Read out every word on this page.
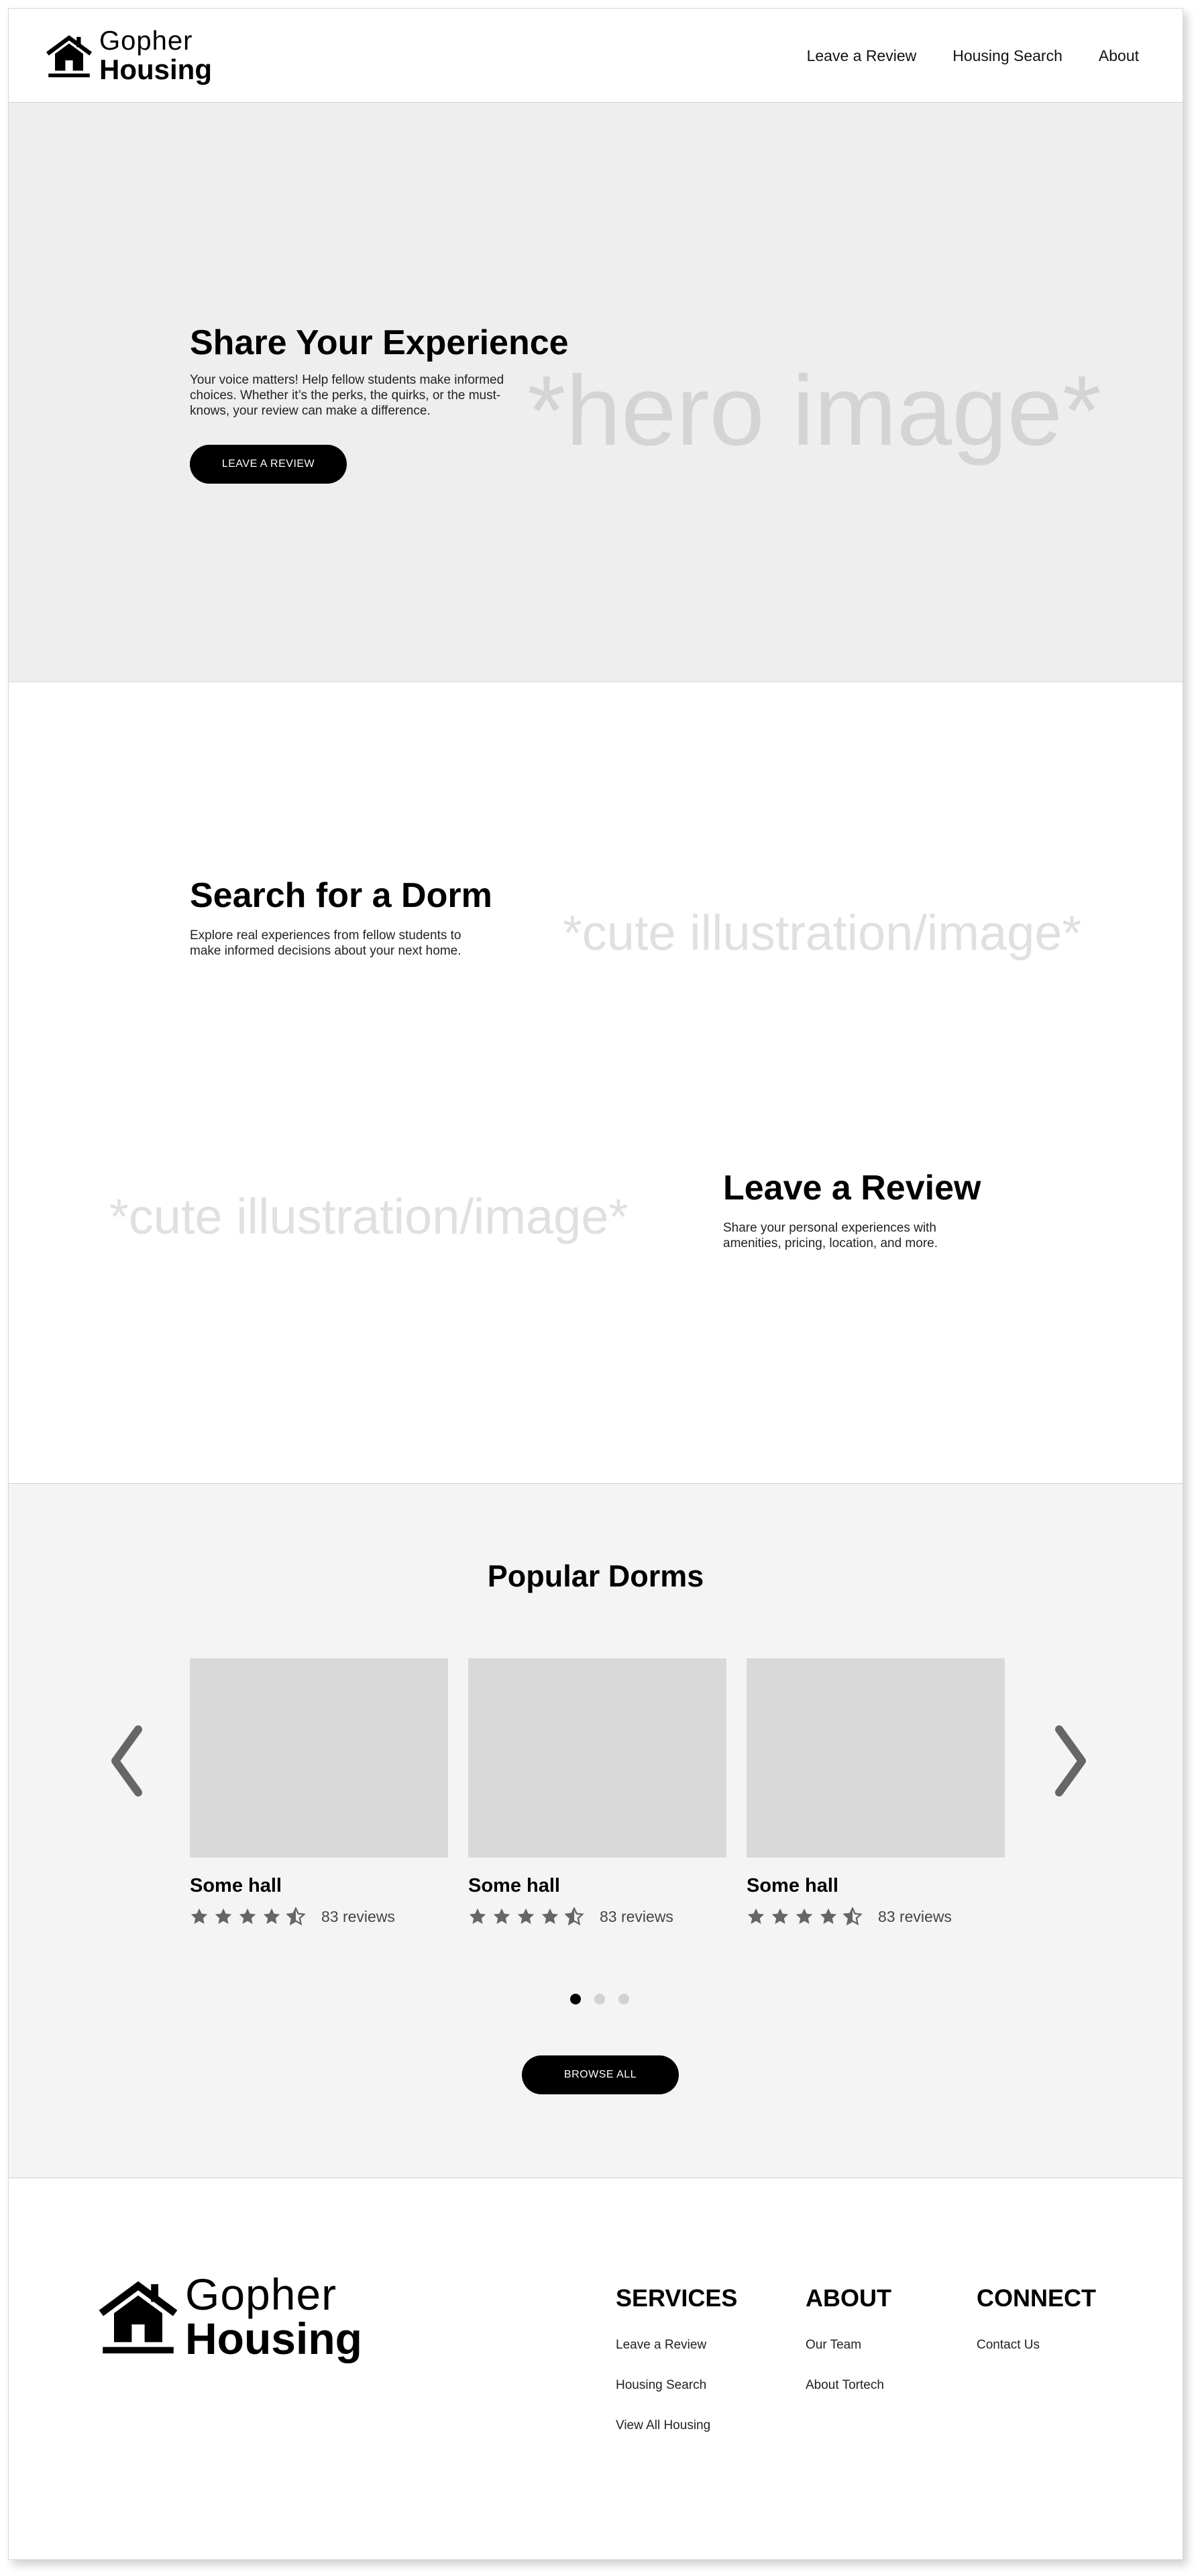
Gopher
Housing	Leave a Review Housing Search About
*hero image*
Share Your Experience

Your voice matters! Help fellow students make informed choices. Whether it’s the perks, the quirks, or the must-knows, your review can make a difference.

LEAVE A REVIEW
Search for a Dorm
Explore real experiences from fellow students to make informed decisions about your next home.	*cute illustration/image*
*cute illustration/image*
Leave a Review
Share your personal experiences with amenities, pricing, location, and more.
Popular Dorms
Some hall
83 reviews
Some hall
83 reviews
Some hall
83 reviews
BROWSE ALL
Gopher
Housing
SERVICES
Leave a Review
Housing Search
View All Housing
ABOUT
Our Team
About Tortech
CONNECT
Contact Us
